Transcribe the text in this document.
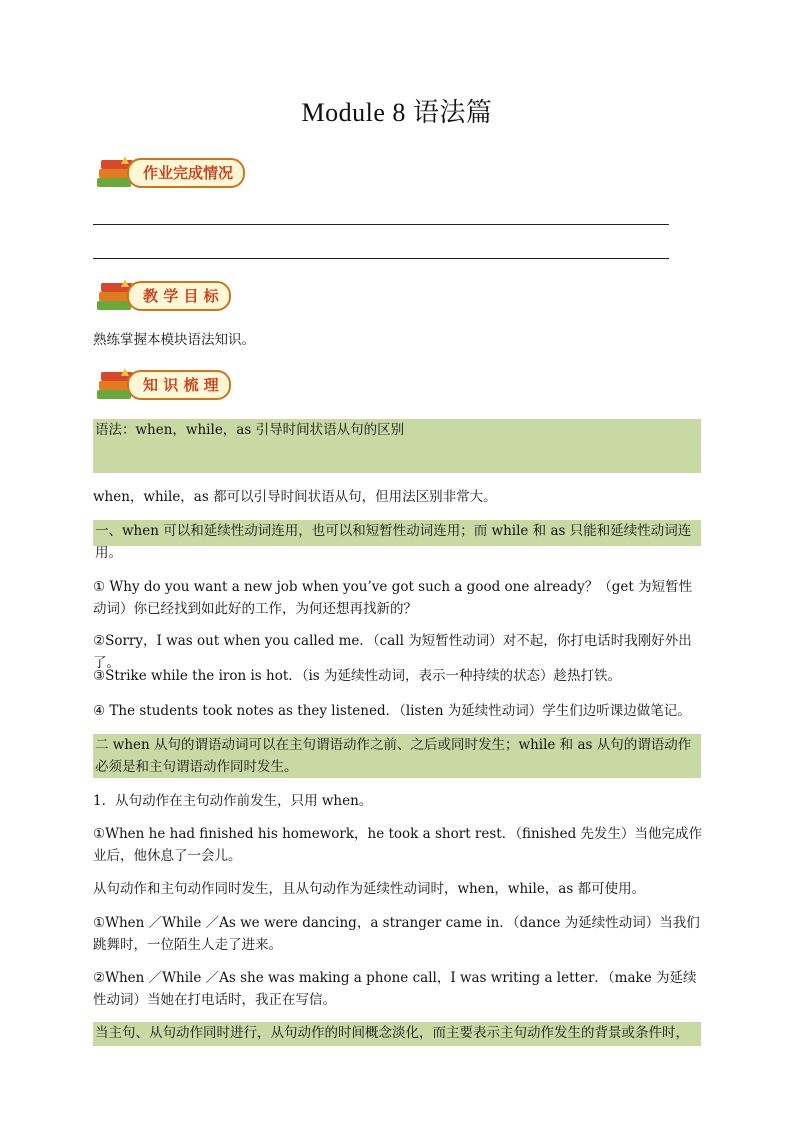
Module 8 语法篇
作业完成情况
教 学 目 标
熟练掌握本模块语法知识。
知 识 梳 理
语法：when，while，as 引导时间状语从句的区别
when，while，as 都可以引导时间状语从句，但用法区别非常大。
一、when 可以和延续性动词连用，也可以和短暂性动词连用；而 while 和 as 只能和延续性动词连用。
① Why do you want a new job when you’ve got such a good one already？（get 为短暂性动词）你已经找到如此好的工作，为何还想再找新的？
②Sorry，I was out when you called me．（call 为短暂性动词）对不起，你打电话时我刚好外出了。
③Strike while the iron is hot．（is 为延续性动词，表示一种持续的状态）趁热打铁。
④ The students took notes as they listened．（listen 为延续性动词）学生们边听课边做笔记。
二 when 从句的谓语动词可以在主句谓语动作之前、之后或同时发生；while 和 as 从句的谓语动作必须是和主句谓语动作同时发生。
1．从句动作在主句动作前发生，只用 when。
①When he had finished his homework，he took a short rest．（finished 先发生）当他完成作业后，他休息了一会儿。
从句动作和主句动作同时发生，且从句动作为延续性动词时，when，while，as 都可使用。
①When ／While ／As we were dancing，a stranger came in．（dance 为延续性动词）当我们跳舞时，一位陌生人走了进来。
②When ／While ／As she was making a phone call，I was writing a letter．（make 为延续性动词）当她在打电话时，我正在写信。
当主句、从句动作同时进行，从句动作的时间概念淡化，而主要表示主句动作发生的背景或条件时，
